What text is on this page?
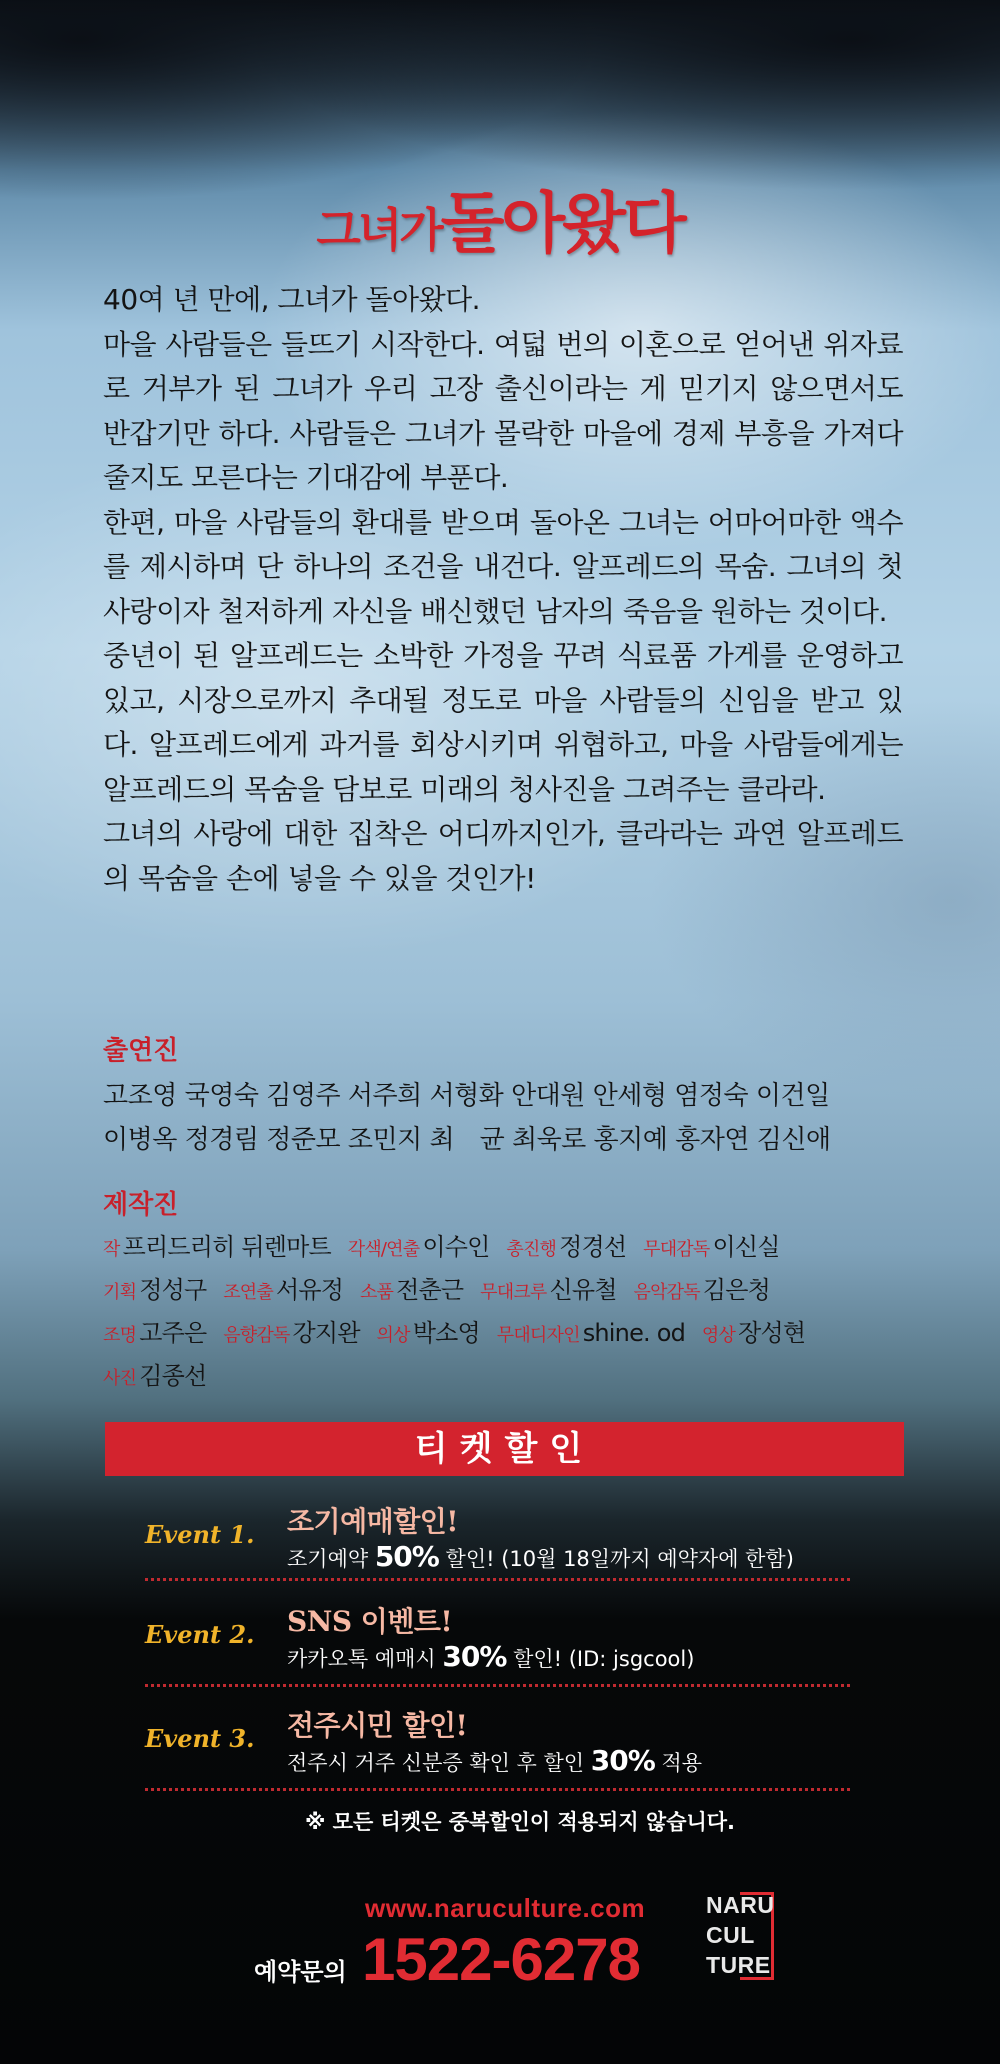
그녀가돌아왔다

40여 년 만에, 그녀가 돌아왔다.

마을 사람들은 들뜨기 시작한다. 여덟 번의 이혼으로 얻어낸 위자료로 거부가 된 그녀가 우리 고장 출신이라는 게 믿기지 않으면서도 반갑기만 하다. 사람들은 그녀가 몰락한 마을에 경제 부흥을 가져다 줄지도 모른다는 기대감에 부푼다.

한편, 마을 사람들의 환대를 받으며 돌아온 그녀는 어마어마한 액수를 제시하며 단 하나의 조건을 내건다. 알프레드의 목숨. 그녀의 첫사랑이자 철저하게 자신을 배신했던 남자의 죽음을 원하는 것이다.

중년이 된 알프레드는 소박한 가정을 꾸려 식료품 가게를 운영하고 있고, 시장으로까지 추대될 정도로 마을 사람들의 신임을 받고 있다. 알프레드에게 과거를 회상시키며 위협하고, 마을 사람들에게는 알프레드의 목숨을 담보로 미래의 청사진을 그려주는 클라라.

그녀의 사랑에 대한 집착은 어디까지인가, 클라라는 과연 알프레드의 목숨을 손에 넣을 수 있을 것인가!

출연진
고조영 국영숙 김영주 서주희 서형화 안대원 안세형 염정숙 이건일
이병옥 정경림 정준모 조민지 최　균 최욱로 홍지예 홍자연 김신애
제작진
작 프리드리히 뒤렌마트 각색/연출 이수인 총진행 정경선 무대감독 이신실
기획 정성구 조연출 서유정 소품 전춘근 무대크루 신유철 음악감독 김은청
조명 고주은 음향감독 강지완 의상 박소영 무대디자인 shine. od 영상 장성현
사진 김종선
티켓할인
Event 1.	조기예매할인!
조기예약 50% 할인! (10월 18일까지 예약자에 한함)
Event 2.	SNS 이벤트!
카카오톡 예매시 30% 할인! (ID: jsgcool)
Event 3.	전주시민 할인!
전주시 거주 신분증 확인 후 할인 30% 적용
※ 모든 티켓은 중복할인이 적용되지 않습니다.
예약문의
www.naruculture.com
1522-6278
NARU
CUL
TURE
